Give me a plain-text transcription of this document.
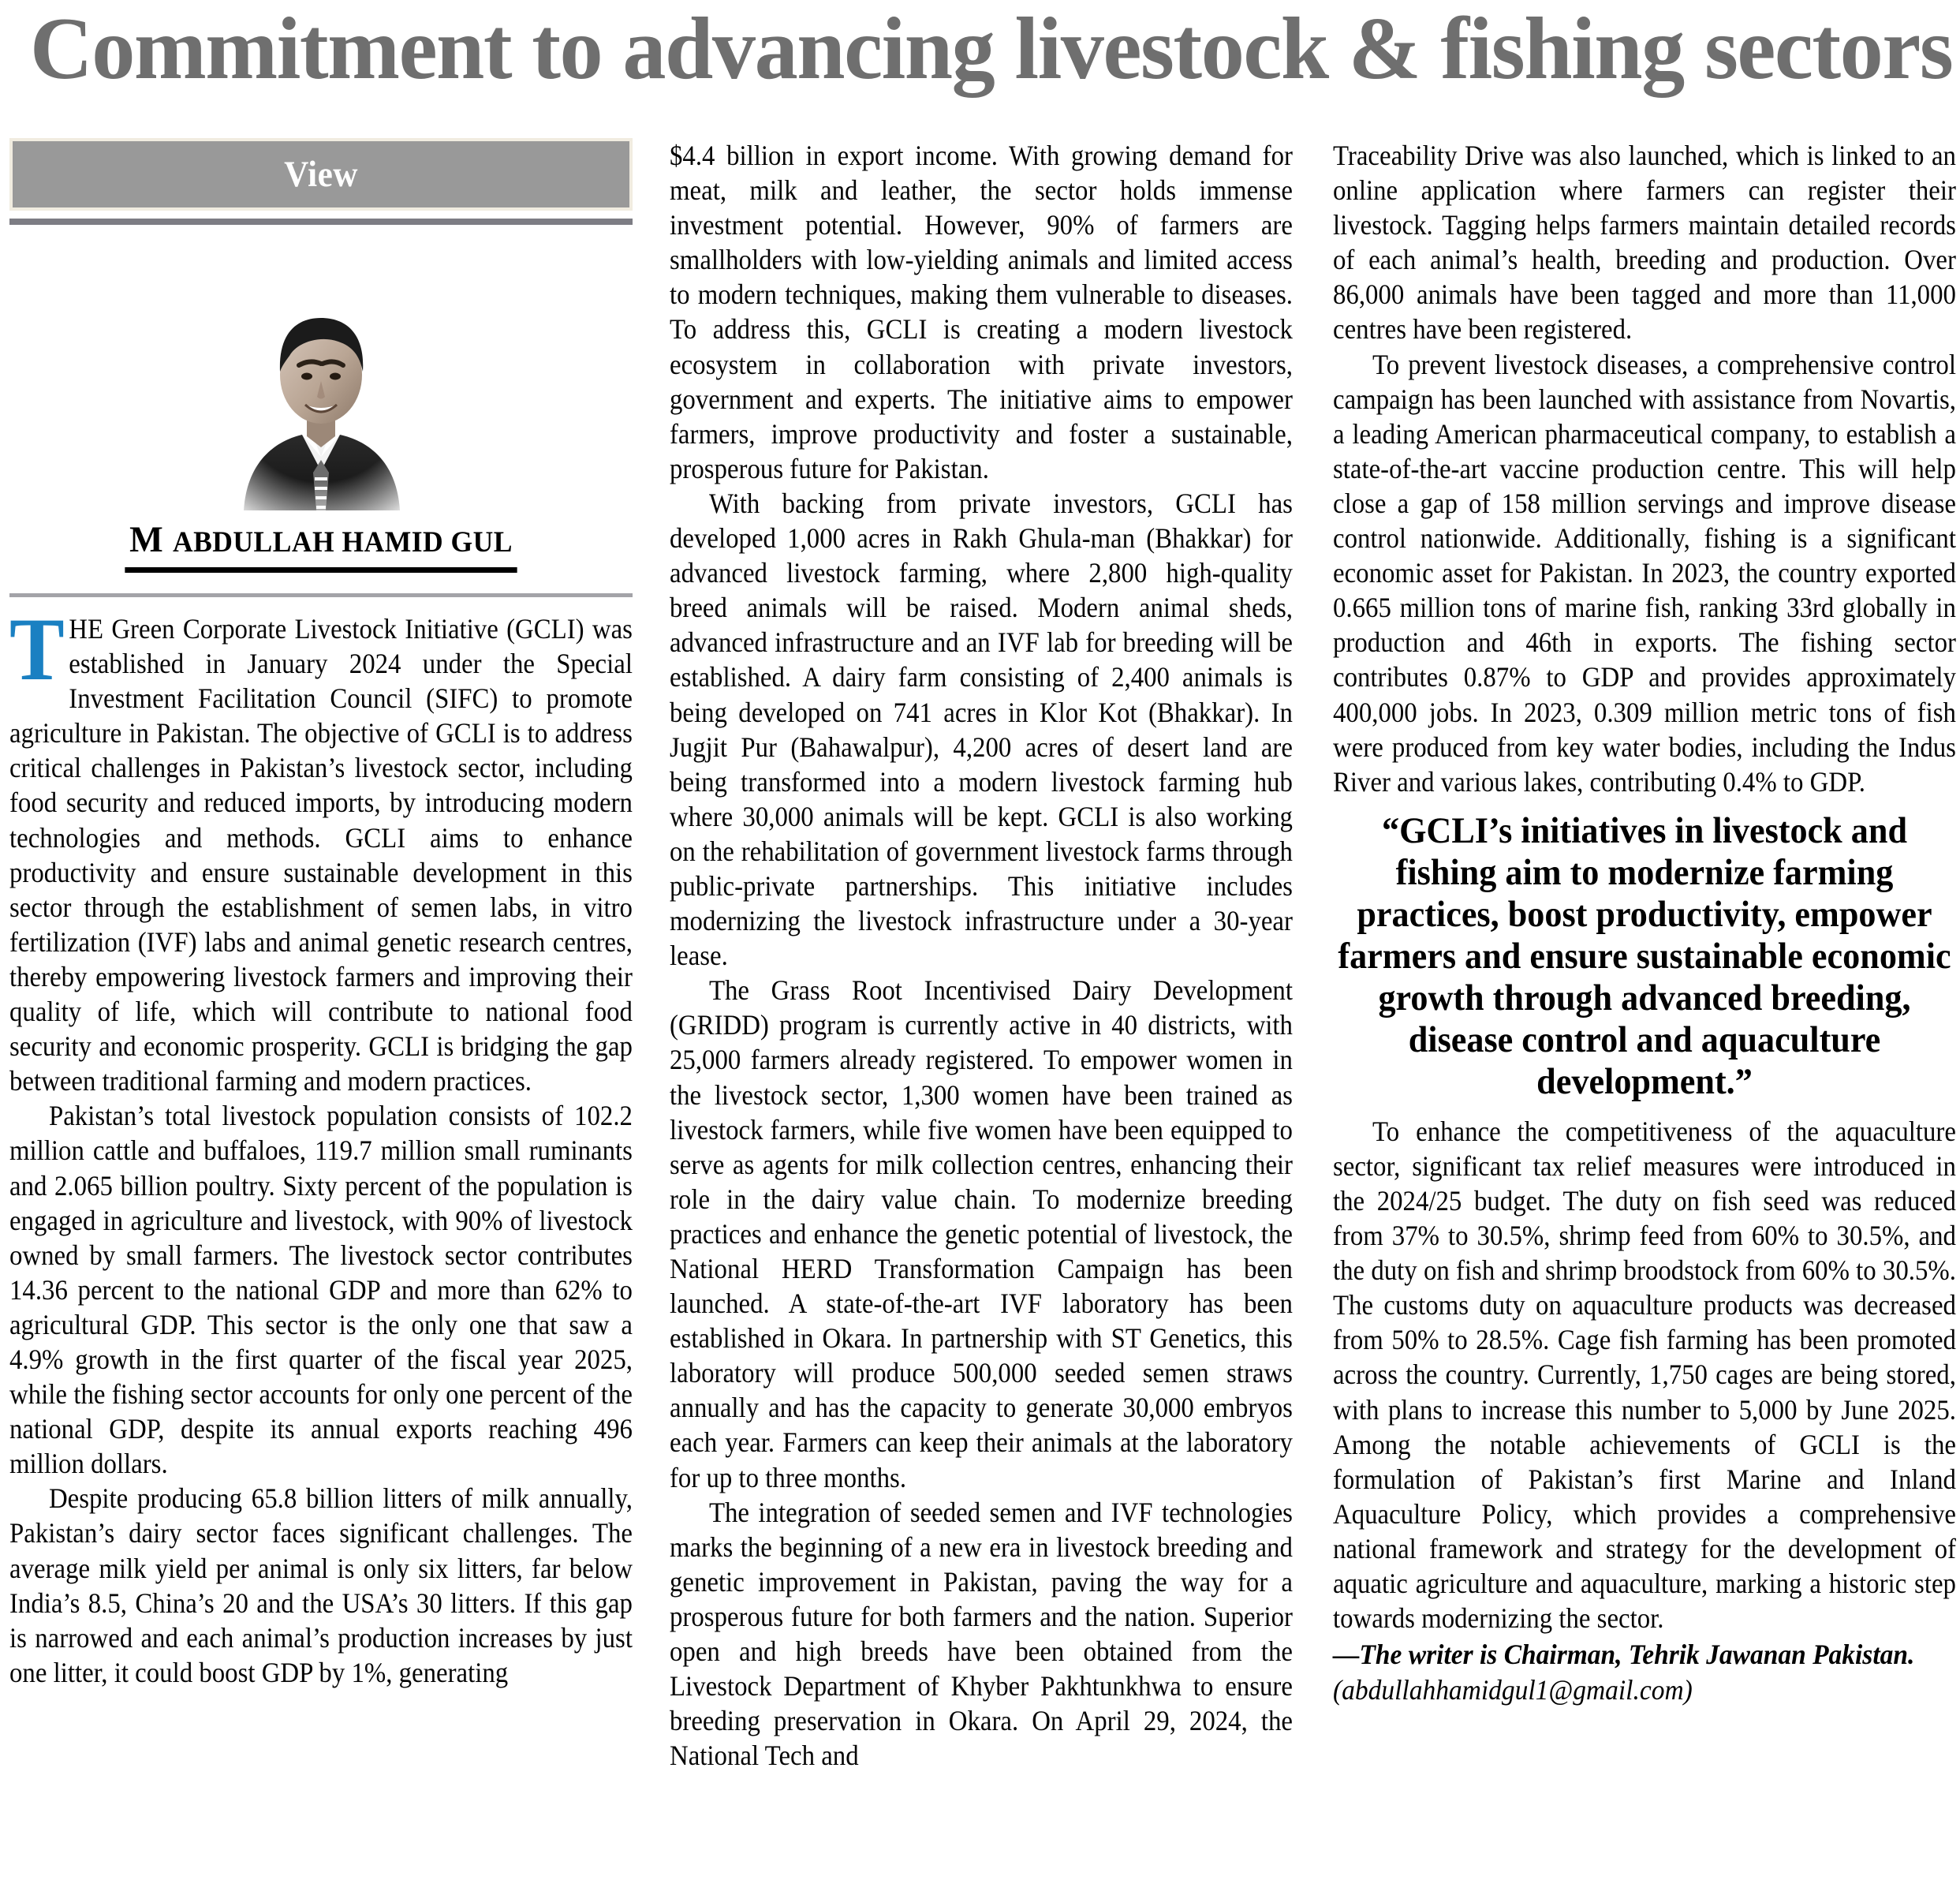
Commitment to advancing livestock & fishing sectors
View
M ABDULLAH HAMID GUL

THE Green Corporate Livestock Initiative (GCLI) was established in January 2024 under the Special Investment Facilitation Council (SIFC) to promote agriculture in Pakistan. The objective of GCLI is to address critical challenges in Pakistan’s livestock sector, including food security and reduced imports, by introducing modern technologies and methods. GCLI aims to enhance productivity and ensure sustainable development in this sector through the establishment of semen labs, in vitro fertilization (IVF) labs and animal genetic research centres, thereby empowering livestock farmers and improving their quality of life, which will contribute to national food security and economic prosperity. GCLI is bridging the gap between traditional farming and modern practices.

Pakistan’s total livestock population consists of 102.2 million cattle and buffaloes, 119.7 million small ruminants and 2.065 billion poultry. Sixty percent of the population is engaged in agriculture and livestock, with 90% of livestock owned by small farmers. The livestock sector contributes 14.36 percent to the national GDP and more than 62% to agricultural GDP. This sector is the only one that saw a 4.9% growth in the first quarter of the fiscal year 2025, while the fishing sector accounts for only one percent of the national GDP, despite its annual exports reaching 496 million dollars.

Despite producing 65.8 billion litters of milk annually, Pakistan’s dairy sector faces significant challenges. The average milk yield per animal is only six litters, far below India’s 8.5, China’s 20 and the USA’s 30 litters. If this gap is narrowed and each animal’s production increases by just one litter, it could boost GDP by 1%, generating

$4.4 billion in export income. With growing demand for meat, milk and leather, the sector holds immense investment potential. However, 90% of farmers are smallholders with low-yielding animals and limited access to modern techniques, making them vulnerable to diseases. To address this, GCLI is creating a modern livestock ecosystem in collaboration with private investors, government and experts. The initiative aims to empower farmers, improve productivity and foster a sustainable, prosperous future for Pakistan.

With backing from private investors, GCLI has developed 1,000 acres in Rakh Ghula-man (Bhakkar) for advanced livestock farming, where 2,800 high-quality breed animals will be raised. Modern animal sheds, advanced infrastructure and an IVF lab for breeding will be established. A dairy farm consisting of 2,400 animals is being developed on 741 acres in Klor Kot (Bhakkar). In Jugjit Pur (Bahawalpur), 4,200 acres of desert land are being transformed into a modern livestock farming hub where 30,000 animals will be kept. GCLI is also working on the rehabilitation of government livestock farms through public-private partnerships. This initiative includes modernizing the livestock infrastructure under a 30-year lease.

The Grass Root Incentivised Dairy Development (GRIDD) program is currently active in 40 districts, with 25,000 farmers already registered. To empower women in the livestock sector, 1,300 women have been trained as livestock farmers, while five women have been equipped to serve as agents for milk collection centres, enhancing their role in the dairy value chain. To modernize breeding practices and enhance the genetic potential of livestock, the National HERD Transformation Campaign has been launched. A state-of-the-art IVF laboratory has been established in Okara. In partnership with ST Genetics, this laboratory will produce 500,000 seeded semen straws annually and has the capacity to generate 30,000 embryos each year. Farmers can keep their animals at the laboratory for up to three months.

The integration of seeded semen and IVF technologies marks the beginning of a new era in livestock breeding and genetic improvement in Pakistan, paving the way for a prosperous future for both farmers and the nation. Superior open and high breeds have been obtained from the Livestock Department of Khyber Pakhtunkhwa to ensure breeding preservation in Okara. On April 29, 2024, the National Tech and

Traceability Drive was also launched, which is linked to an online application where farmers can register their livestock. Tagging helps farmers maintain detailed records of each animal’s health, breeding and production. Over 86,000 animals have been tagged and more than 11,000 centres have been registered.

To prevent livestock diseases, a comprehensive control campaign has been launched with assistance from Novartis, a leading American pharmaceutical company, to establish a state-of-the-art vaccine production centre. This will help close a gap of 158 million servings and improve disease control nationwide. Additionally, fishing is a significant economic asset for Pakistan. In 2023, the country exported 0.665 million tons of marine fish, ranking 33rd globally in production and 46th in exports. The fishing sector contributes 0.87% to GDP and provides approximately 400,000 jobs. In 2023, 0.309 million metric tons of fish were produced from key water bodies, including the Indus River and various lakes, contributing 0.4% to GDP.

“GCLI’s initiatives in livestock and fishing aim to modernize farming practices, boost productivity, empower farmers and ensure sustainable economic growth through advanced breeding, disease control and aquaculture development.”

To enhance the competitiveness of the aquaculture sector, significant tax relief measures were introduced in the 2024/25 budget. The duty on fish seed was reduced from 37% to 30.5%, shrimp feed from 60% to 30.5%, and the duty on fish and shrimp broodstock from 60% to 30.5%. The customs duty on aquaculture products was decreased from 50% to 28.5%. Cage fish farming has been promoted across the country. Currently, 1,750 cages are being stored, with plans to increase this number to 5,000 by June 2025. Among the notable achievements of GCLI is the formulation of Pakistan’s first Marine and Inland Aquaculture Policy, which provides a comprehensive national framework and strategy for the development of aquatic agriculture and aquaculture, marking a historic step towards modernizing the sector.

—The writer is Chairman, Tehrik Jawanan Pakistan.
(abdullahhamidgul1@gmail.com)
